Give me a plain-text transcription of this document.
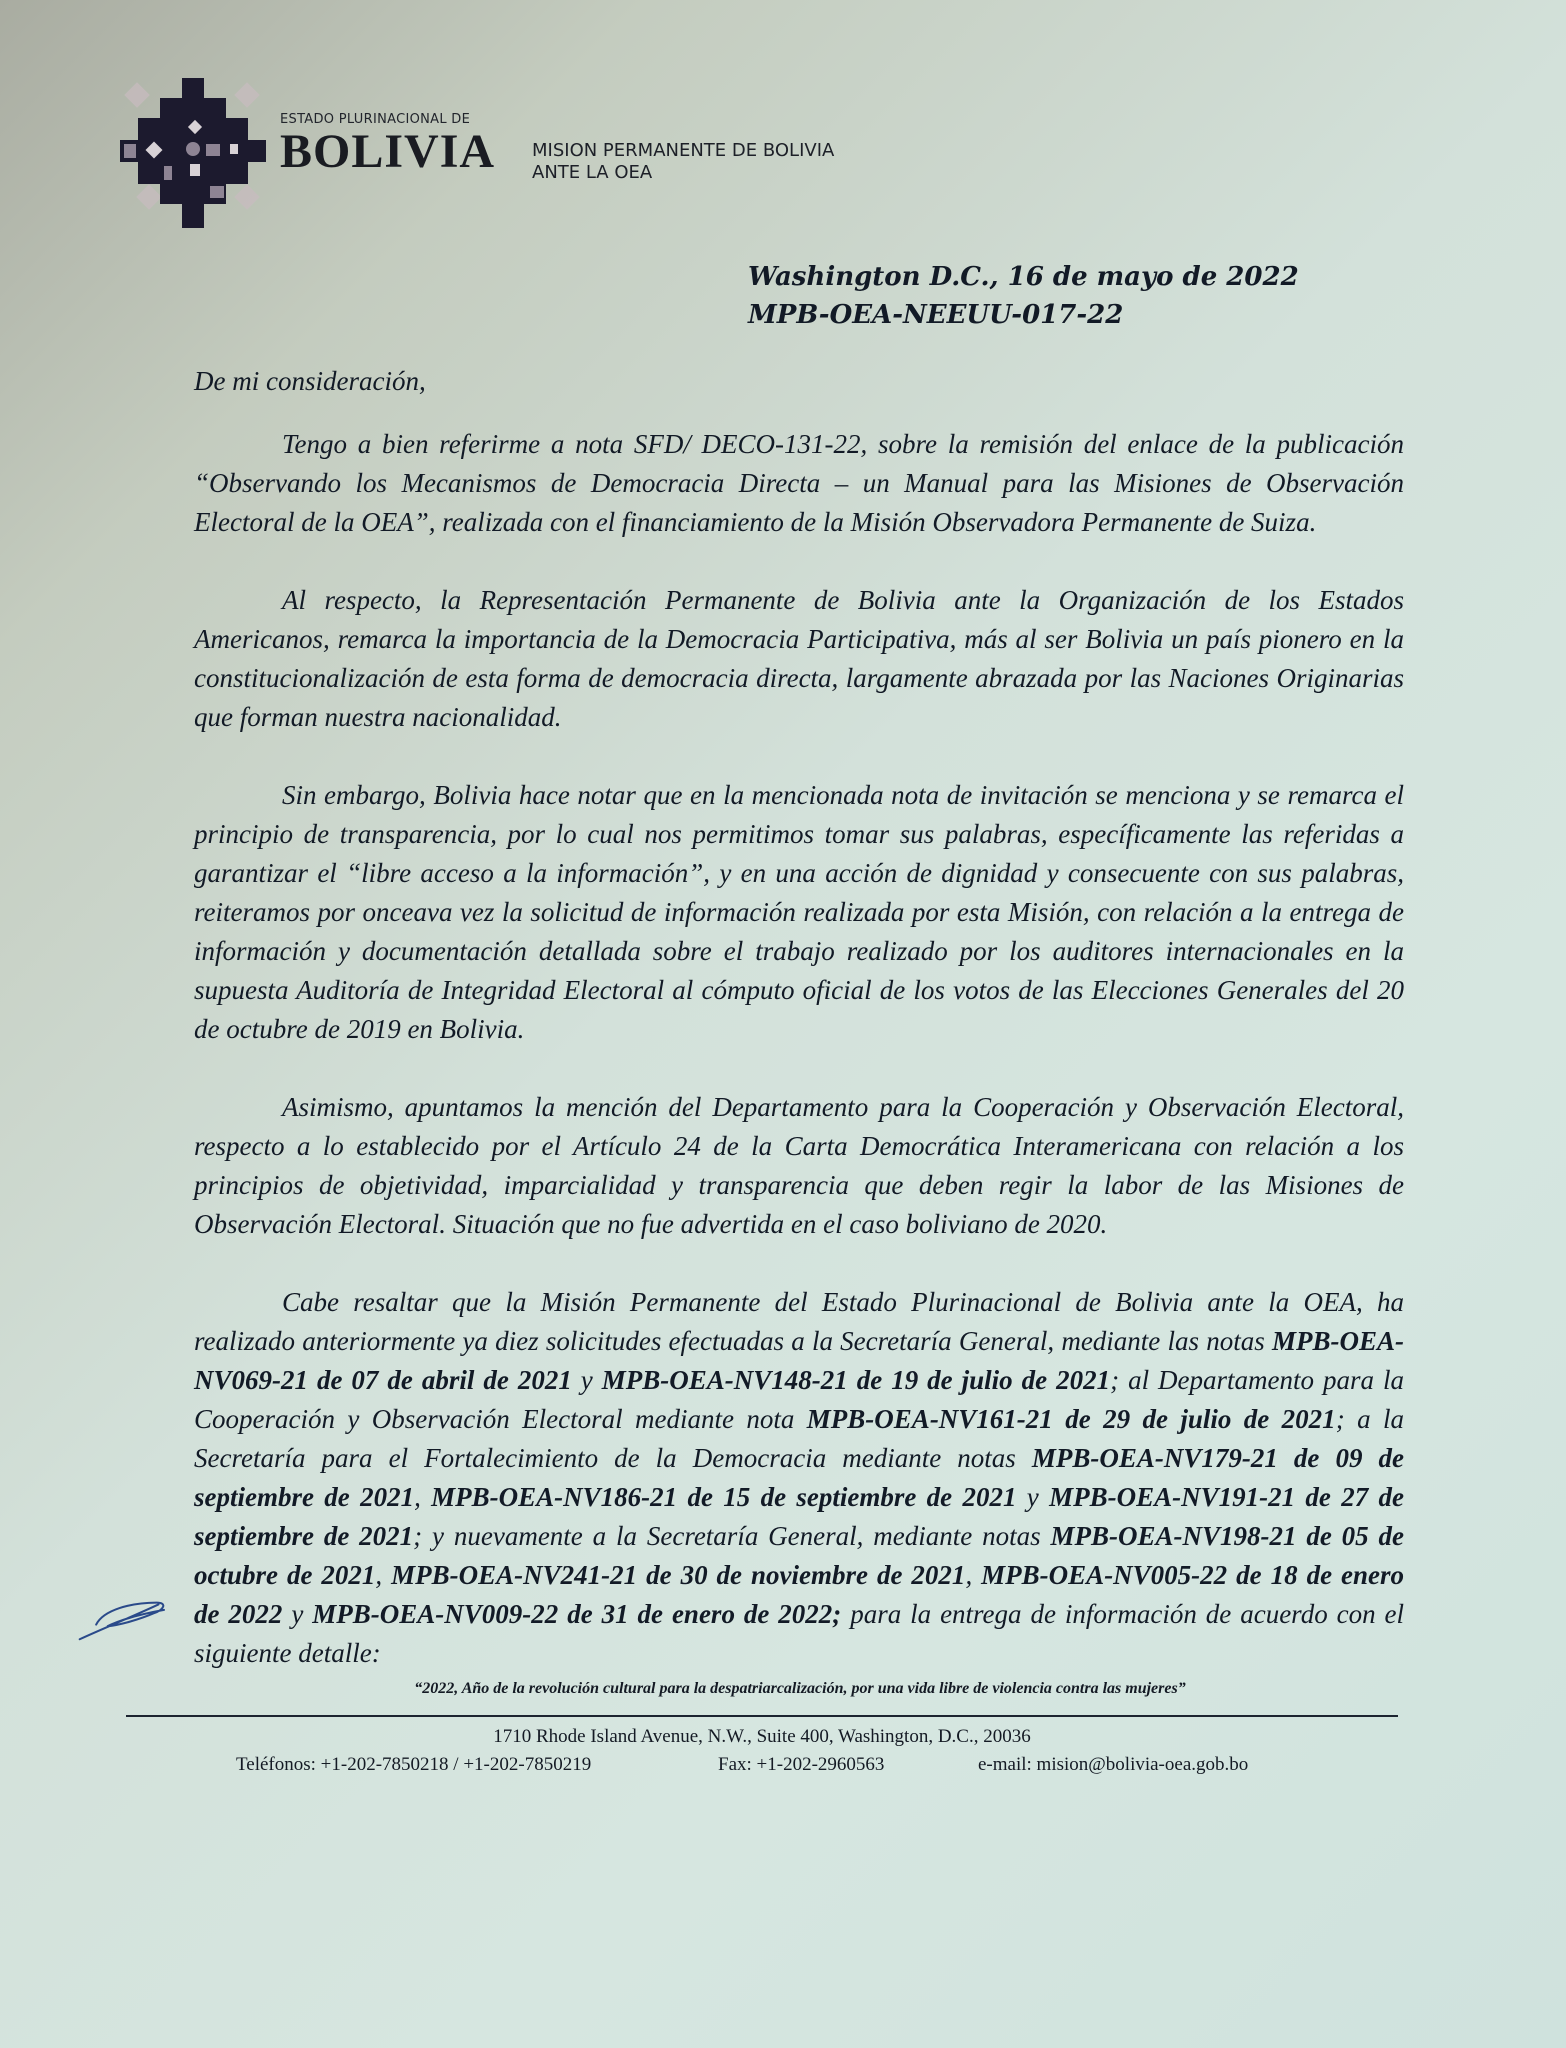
ESTADO PLURINACIONAL DE
BOLIVIA	MISION PERMANENTE DE BOLIVIA
ANTE LA OEA
Washington D.C., 16 de mayo de 2022
MPB-OEA-NEEUU-017-22
De mi consideración,

Tengo a bien referirme a nota SFD/ DECO-131-22, sobre la remisión del enlace de la publicación “Observando los Mecanismos de Democracia Directa – un Manual para las Misiones de Observación Electoral de la OEA”, realizada con el financiamiento de la Misión Observadora Permanente de Suiza.

Al respecto, la Representación Permanente de Bolivia ante la Organización de los Estados Americanos, remarca la importancia de la Democracia Participativa, más al ser Bolivia un país pionero en la constitucionalización de esta forma de democracia directa, largamente abrazada por las Naciones Originarias que forman nuestra nacionalidad.

Sin embargo, Bolivia hace notar que en la mencionada nota de invitación se menciona y se remarca el principio de transparencia, por lo cual nos permitimos tomar sus palabras, específicamente las referidas a garantizar el “libre acceso a la información”, y en una acción de dignidad y consecuente con sus palabras, reiteramos por onceava vez la solicitud de información realizada por esta Misión, con relación a la entrega de información y documentación detallada sobre el trabajo realizado por los auditores internacionales en la supuesta Auditoría de Integridad Electoral al cómputo oficial de los votos de las Elecciones Generales del 20 de octubre de 2019 en Bolivia.

Asimismo, apuntamos la mención del Departamento para la Cooperación y Observación Electoral, respecto a lo establecido por el Artículo 24 de la Carta Democrática Interamericana con relación a los principios de objetividad, imparcialidad y transparencia que deben regir la labor de las Misiones de Observación Electoral. Situación que no fue advertida en el caso boliviano de 2020.

Cabe resaltar que la Misión Permanente del Estado Plurinacional de Bolivia ante la OEA, ha realizado anteriormente ya diez solicitudes efectuadas a la Secretaría General, mediante las notas MPB-OEA-NV069-21 de 07 de abril de 2021 y MPB-OEA-NV148-21 de 19 de julio de 2021; al Departamento para la Cooperación y Observación Electoral mediante nota MPB-OEA-NV161-21 de 29 de julio de 2021; a la Secretaría para el Fortalecimiento de la Democracia mediante notas MPB-OEA-NV179-21 de 09 de septiembre de 2021, MPB-OEA-NV186-21 de 15 de septiembre de 2021 y MPB-OEA-NV191-21 de 27 de septiembre de 2021; y nuevamente a la Secretaría General, mediante notas MPB-OEA-NV198-21 de 05 de octubre de 2021, MPB-OEA-NV241-21 de 30 de noviembre de 2021, MPB-OEA-NV005-22 de 18 de enero de 2022 y MPB-OEA-NV009-22 de 31 de enero de 2022; para la entrega de información de acuerdo con el siguiente detalle:

“2022, Año de la revolución cultural para la despatriarcalización, por una vida libre de violencia contra las mujeres”
1710 Rhode Island Avenue, N.W., Suite 400, Washington, D.C., 20036
Teléfonos: +1-202-7850218 / +1-202-7850219	Fax: +1-202-2960563	e-mail: mision@bolivia-oea.gob.bo
